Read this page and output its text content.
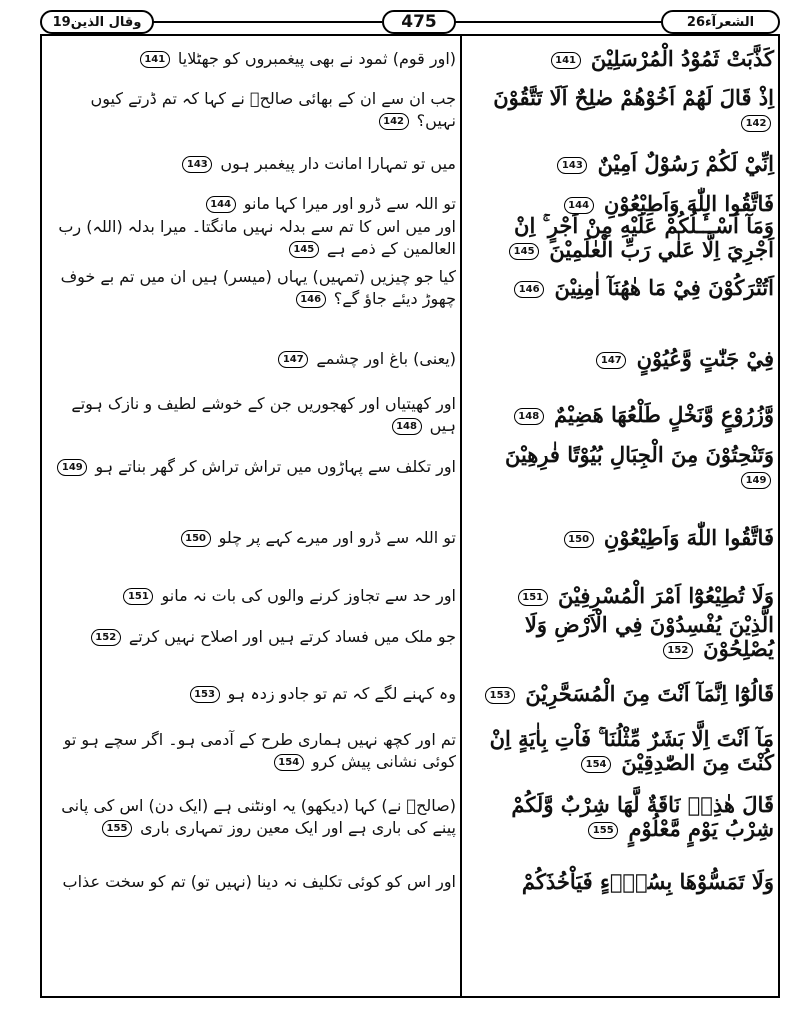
وقال الذین19	475	الشعرآء26
كَذَّبَتْ ثَمُوْدُ الْمُرْسَلِيْنَ 141
اِذْ قَالَ لَهُمْ اَخُوْهُمْ صٰلِحٌ اَلَا تَتَّقُوْنَ 142
اِنِّيْ لَكُمْ رَسُوْلٌ اَمِيْنٌ 143
فَاتَّقُوا اللّٰهَ وَاَطِيْعُوْنِ 144
وَمَآ اَسْــَٔـلُكُمْ عَلَيْهِ مِنْ اَجْرٍ ۚ اِنْ اَجْرِيَ اِلَّا عَلٰي رَبِّ الْعٰلَمِيْنَ 145
اَتُتْرَكُوْنَ فِيْ مَا هٰهُنَآ اٰمِنِيْنَ 146
فِيْ جَنّٰتٍ وَّعُيُوْنٍ 147
وَّزُرُوْعٍ وَّنَخْلٍ طَلْعُهَا هَضِيْمٌ 148
وَتَنْحِتُوْنَ مِنَ الْجِبَالِ بُيُوْتًا فٰرِهِيْنَ 149
فَاتَّقُوا اللّٰهَ وَاَطِيْعُوْنِ 150
وَلَا تُطِيْعُوْٓا اَمْرَ الْمُسْرِفِيْنَ 151
الَّذِيْنَ يُفْسِدُوْنَ فِي الْاَرْضِ وَلَا يُصْلِحُوْنَ 152
قَالُوْٓا اِنَّمَآ اَنْتَ مِنَ الْمُسَحَّرِيْنَ 153
مَآ اَنْتَ اِلَّا بَشَرٌ مِّثْلُنَا ۚ فَاْتِ بِاٰيَةٍ اِنْ كُنْتَ مِنَ الصّٰدِقِيْنَ 154
قَالَ هٰذِهٖ نَاقَةٌ لَّهَا شِرْبٌ وَّلَكُمْ شِرْبُ يَوْمٍ مَّعْلُوْمٍ 155
وَلَا تَمَسُّوْهَا بِسُوْۗءٍ فَيَاْخُذَكُمْ
(اور قوم) ثمود نے بھی پیغمبروں کو جھٹلایا 141
جب ان سے ان کے بھائی صالحؑ نے کہا کہ تم ڈرتے کیوں نہیں؟ 142
میں تو تمہارا امانت دار پیغمبر ہوں 143
تو اللہ سے ڈرو اور میرا کہا مانو 144
اور میں اس کا تم سے بدلہ نہیں مانگتا۔ میرا بدلہ (اللہ) رب العالمین کے ذمے ہے 145
کیا جو چیزیں (تمہیں) یہاں (میسر) ہیں ان میں تم بے خوف چھوڑ دیئے جاؤ گے؟ 146
(یعنی) باغ اور چشمے 147
اور کھیتیاں اور کھجوریں جن کے خوشے لطیف و نازک ہوتے ہیں 148
اور تکلف سے پہاڑوں میں تراش تراش کر گھر بناتے ہو 149
تو اللہ سے ڈرو اور میرے کہے پر چلو 150
اور حد سے تجاوز کرنے والوں کی بات نہ مانو 151
جو ملک میں فساد کرتے ہیں اور اصلاح نہیں کرتے 152
وہ کہنے لگے کہ تم تو جادو زدہ ہو 153
تم اور کچھ نہیں ہماری طرح کے آدمی ہو۔ اگر سچے ہو تو کوئی نشانی پیش کرو 154
(صالحؑ نے) کہا (دیکھو) یہ اونٹنی ہے (ایک دن) اس کی پانی پینے کی باری ہے اور ایک معین روز تمہاری باری 155
اور اس کو کوئی تکلیف نہ دینا (نہیں تو) تم کو سخت عذاب
